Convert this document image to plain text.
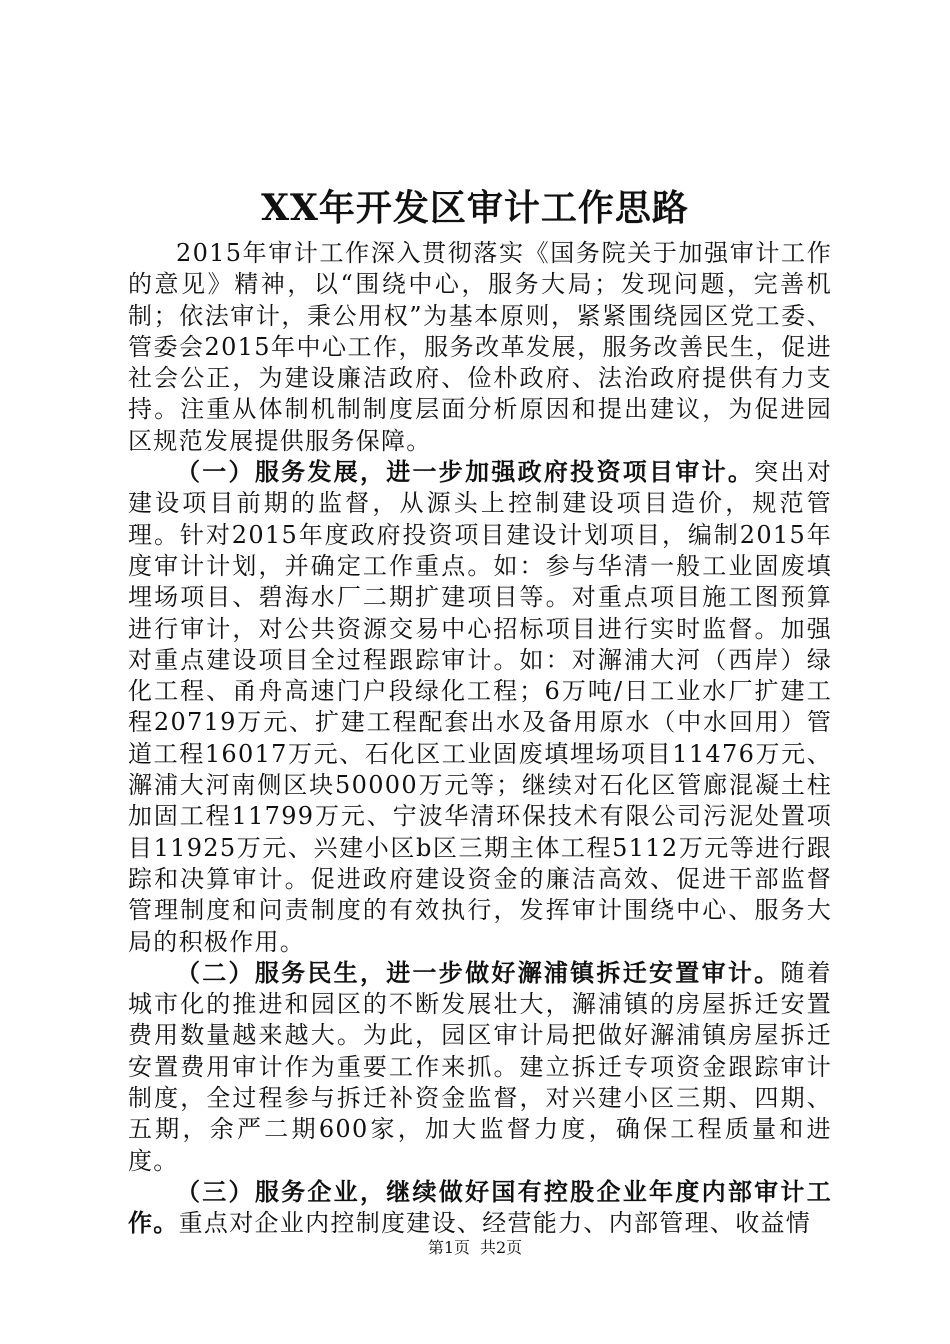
XX年开发区审计工作思路

2015年审计工作深入贯彻落实《国务院关于加强审计工作的意见》精神，以“围绕中心，服务大局；发现问题，完善机制；依法审计，秉公用权”为基本原则，紧紧围绕园区党工委、管委会2015年中心工作，服务改革发展，服务改善民生，促进社会公正，为建设廉洁政府、俭朴政府、法治政府提供有力支持。注重从体制机制制度层面分析原因和提出建议，为促进园区规范发展提供服务保障。

（一）服务发展，进一步加强政府投资项目审计。突出对建设项目前期的监督，从源头上控制建设项目造价，规范管理。针对2015年度政府投资项目建设计划项目，编制2015年度审计计划，并确定工作重点。如：参与华清一般工业固废填埋场项目、碧海水厂二期扩建项目等。对重点项目施工图预算进行审计，对公共资源交易中心招标项目进行实时监督。加强对重点建设项目全过程跟踪审计。如：对澥浦大河（西岸）绿化工程、甬舟高速门户段绿化工程；6万吨/日工业水厂扩建工程20719万元、扩建工程配套出水及备用原水（中水回用）管道工程16017万元、石化区工业固废填埋场项目11476万元、澥浦大河南侧区块50000万元等；继续对石化区管廊混凝土柱加固工程11799万元、宁波华清环保技术有限公司污泥处置项目11925万元、兴建小区b区三期主体工程5112万元等进行跟踪和决算审计。促进政府建设资金的廉洁高效、促进干部监督管理制度和问责制度的有效执行，发挥审计围绕中心、服务大局的积极作用。

（二）服务民生，进一步做好澥浦镇拆迁安置审计。随着城市化的推进和园区的不断发展壮大，澥浦镇的房屋拆迁安置费用数量越来越大。为此，园区审计局把做好澥浦镇房屋拆迁安置费用审计作为重要工作来抓。建立拆迁专项资金跟踪审计制度，全过程参与拆迁补资金监督，对兴建小区三期、四期、五期，余严二期600家，加大监督力度，确保工程质量和进度。

（三）服务企业，继续做好国有控股企业年度内部审计工作。重点对企业内控制度建设、经营能力、内部管理、收益情

第1页 共2页
